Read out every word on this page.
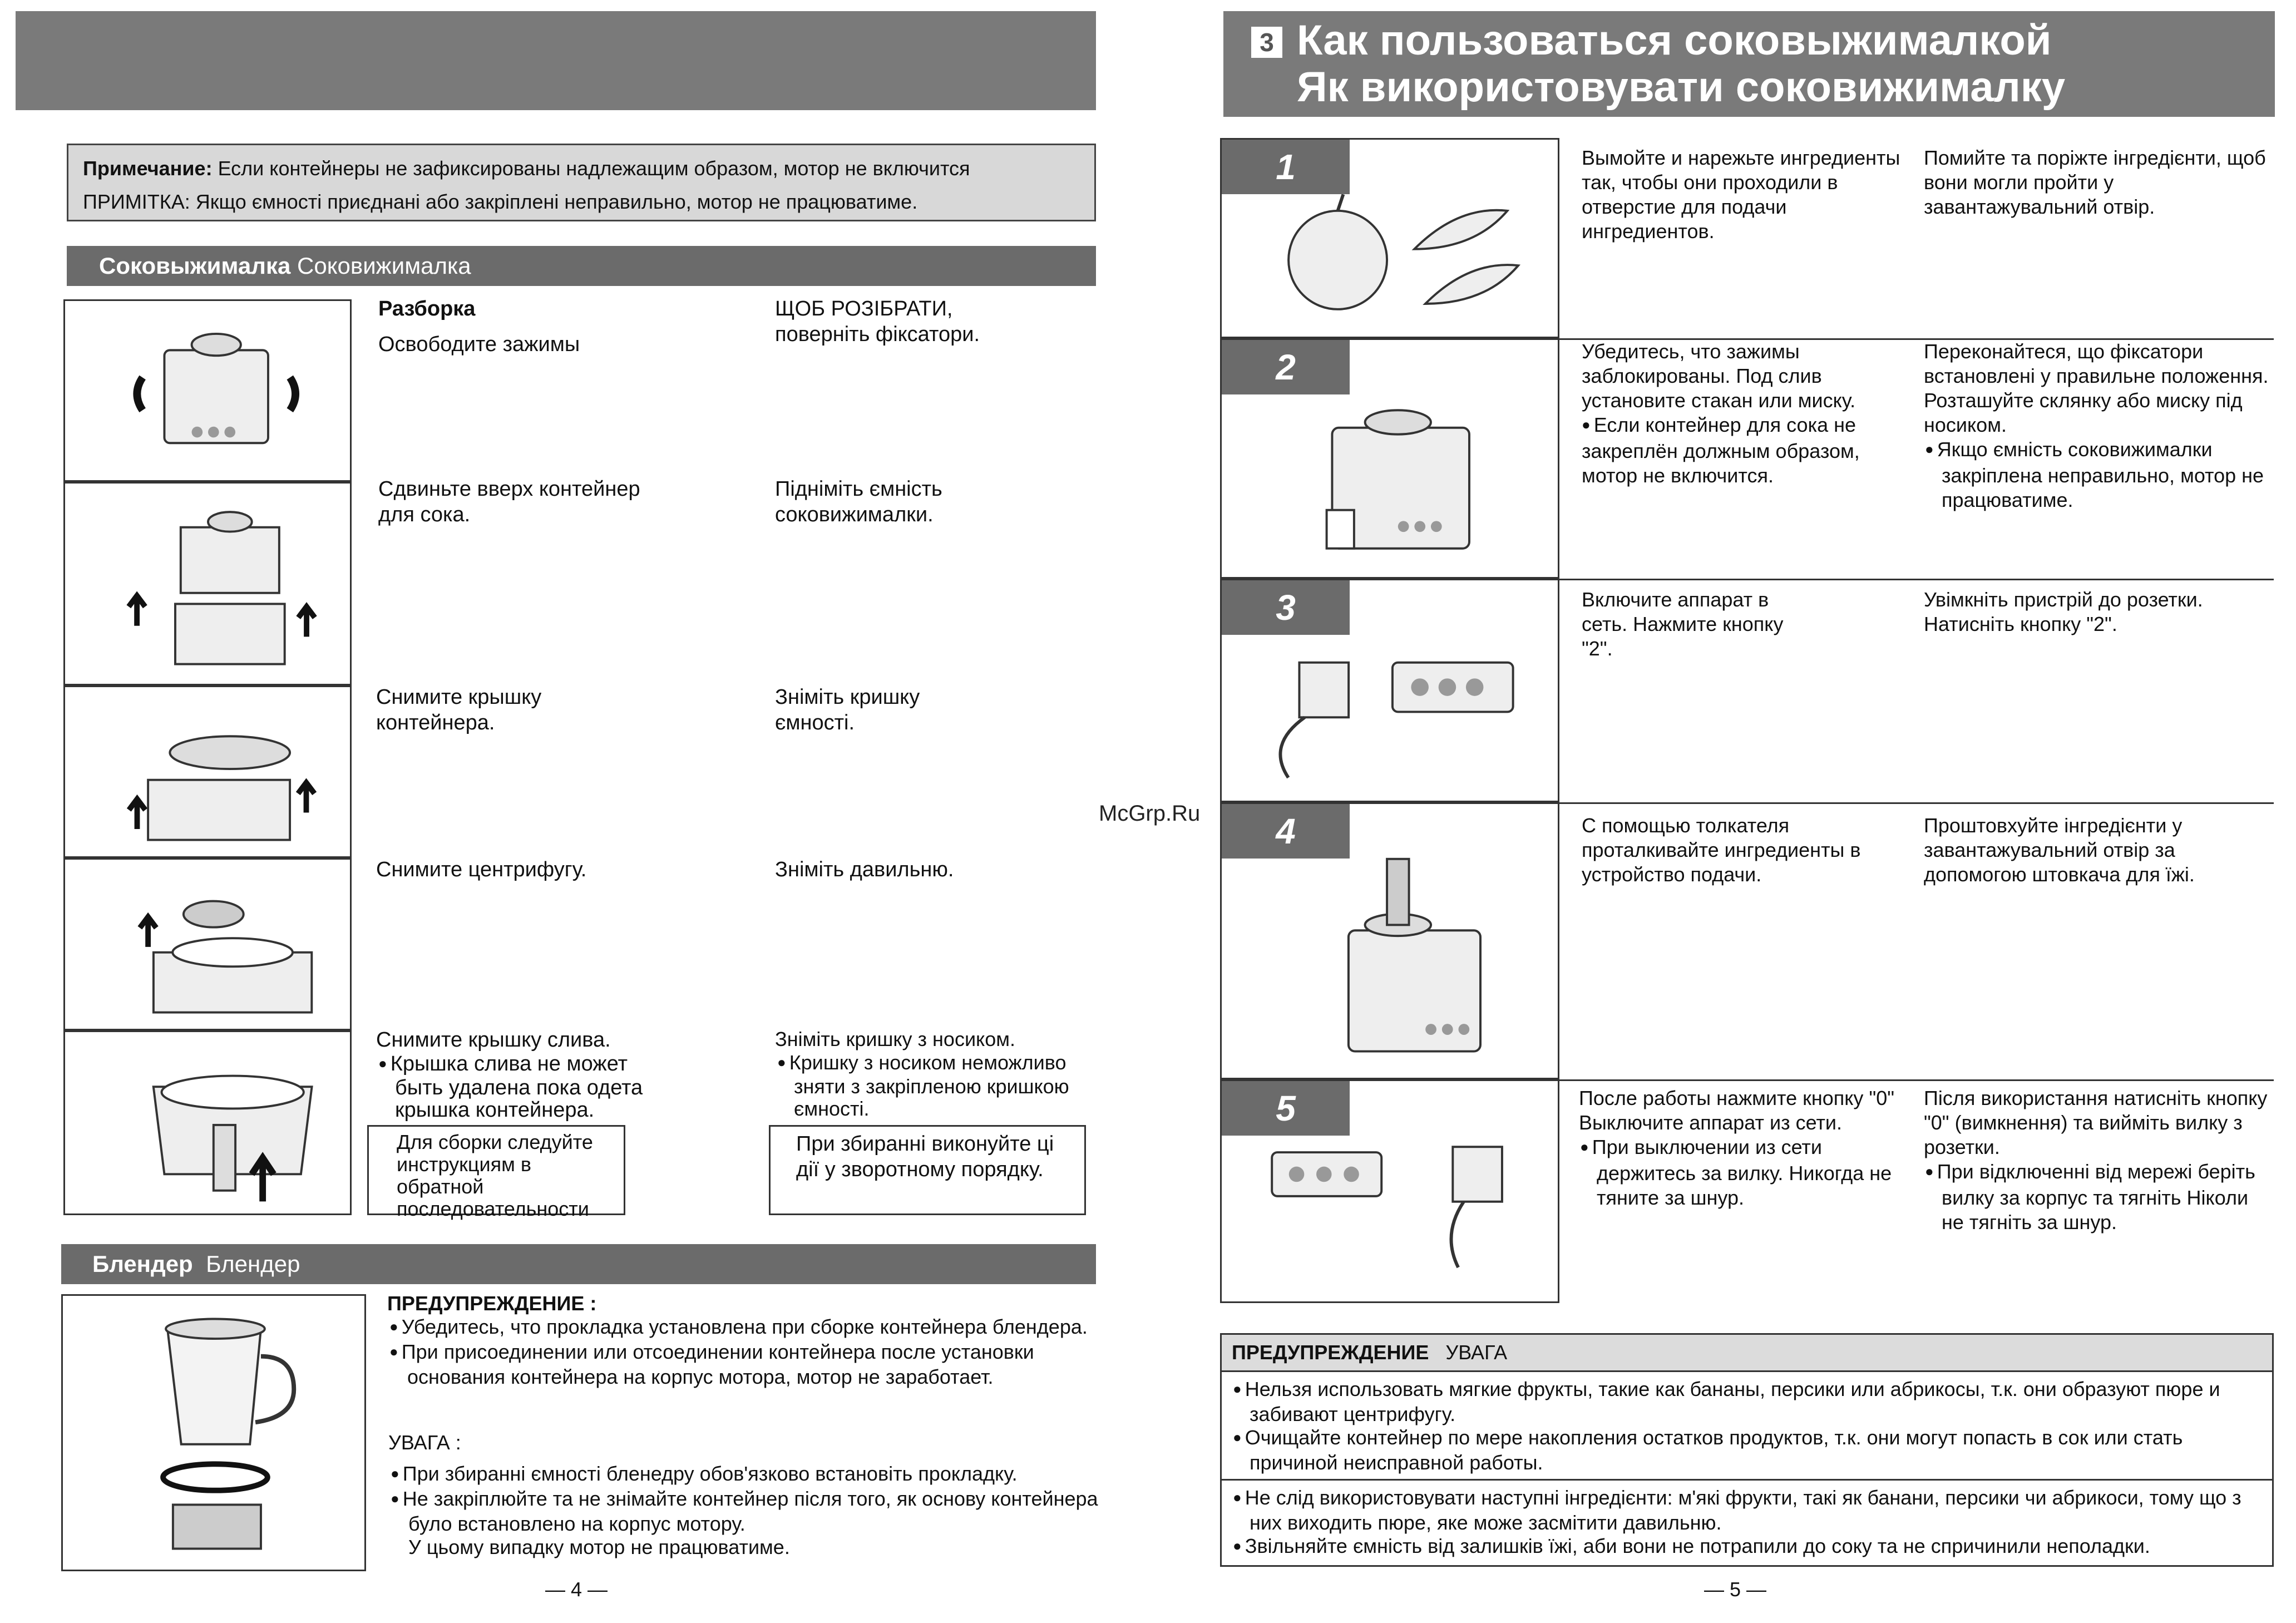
Примечание: Если контейнеры не зафиксированы надлежащим образом, мотор не включится
ПРИМІТКА: Якщо ємності приєднані або закріплені неправильно, мотор не працюватиме.
Соковыжималка Соковижималка
Разборка
Освободите зажимы
ЩОБ РОЗІБРАТИ,
поверніть фіксатори.
Сдвиньте вверх контейнер для сока.
Підніміть ємність соковижималки.
Снимите крышку контейнера.
Зніміть кришку ємності.
Снимите центрифугу.	Зніміть давильню.
Снимите крышку слива.
● Крышка слива не может быть удалена пока одета крышка контейнера.
Зніміть кришку з носиком.
● Кришку з носиком неможливо зняти з закріпленою кришкою ємності.
Для сборки следуйте инструкциям в обратной последовательности
При збиранні виконуйте ці дії у зворотному порядку.
Блендер Блендер
ПРЕДУПРЕЖДЕНИЕ :
● Убедитесь, что прокладка установлена при сборке контейнера блендера.
● При присоединении или отсоединении контейнера после установки основания контейнера на корпус мотора, мотор не заработает.
УВАГА :
● При збиранні ємності бленедру обов'язково встановіть прокладку.
● Не закріплюйте та не знімайте контейнер після того, як основу контейнера було встановлено на корпус мотору.
У цьому випадку мотор не працюватиме.
— 4 —
3 Как пользоваться соковыжималкой
Як використовувати соковижималку
McGrp.Ru
1
2
3
4
5
Вымойте и нарежьте ингредиенты так, чтобы они проходили в отверстие для подачи ингредиентов.
Помийте та поріжте інгредієнти, щоб вони могли пройти у завантажувальний отвір.
Убедитесь, что зажимы заблокированы. Под слив установите стакан или миску.
● Если контейнер для сока не закреплён должным образом, мотор не включится.
Переконайтеся, що фіксатори встановлені у правильне положення. Розташуйте склянку або миску під носиком.
● Якщо ємність соковижималки закріплена неправильно, мотор не працюватиме.
Включите аппарат в сеть. Нажмите кнопку "2".
Увімкніть пристрій до розетки. Натисніть кнопку "2".
С помощью толкателя проталкивайте ингредиенты в устройство подачи.
Проштовхуйте інгредієнти у завантажувальний отвір за допомогою штовкача для їжі.
После работы нажмите кнопку "0" Выключите аппарат из сети.
● При выключении из сети держитесь за вилку. Никогда не тяните за шнур.
Після використання натисніть кнопку "0" (вимкнення) та вийміть вилку з розетки.
● При відключенні від мережі беріть вилку за корпус та тягніть Ніколи не тягніть за шнур.
ПРЕДУПРЕЖДЕНИЕ УВАГА
● Нельзя использовать мягкие фрукты, такие как бананы, персики или абрикосы, т.к. они образуют пюре и забивают центрифугу.
● Очищайте контейнер по мере накопления остатков продуктов, т.к. они могут попасть в сок или стать причиной неисправной работы.
● Не слід використовувати наступні інгредієнти: м'які фрукти, такі як банани, персики чи абрикоси, тому що з них виходить пюре, яке може засмітити давильню.
● Звільняйте ємність від залишків їжі, аби вони не потрапили до соку та не спричинили неполадки.
— 5 —
